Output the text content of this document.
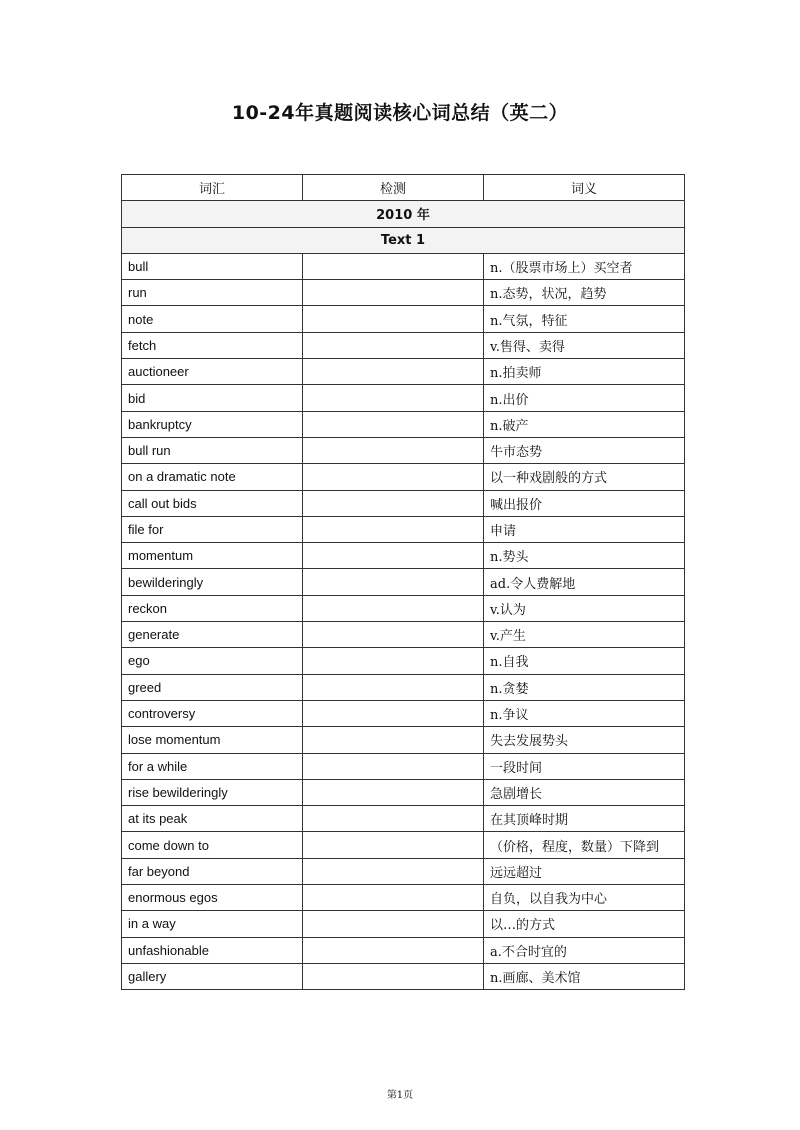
10-24年真题阅读核心词总结（英二）
词汇	检测	词义
2010 年		
Text 1		
bull		n.（股票市场上）买空者
run		n.态势，状况，趋势
note		n.气氛，特征
fetch		v.售得、卖得
auctioneer		n.拍卖师
bid		n.出价
bankruptcy		n.破产
bull run		牛市态势
on a dramatic note		以一种戏剧般的方式
call out bids		喊出报价
file for		申请
momentum		n.势头
bewilderingly		ad.令人费解地
reckon		v.认为
generate		v.产生
ego		n.自我
greed		n.贪婪
controversy		n.争议
lose momentum		失去发展势头
for a while		一段时间
rise bewilderingly		急剧增长
at its peak		在其顶峰时期
come down to		（价格，程度，数量）下降到
far beyond		远远超过
enormous egos		自负，以自我为中心
in a way		以…的方式
unfashionable		a.不合时宜的
gallery		n.画廊、美术馆
第1页
